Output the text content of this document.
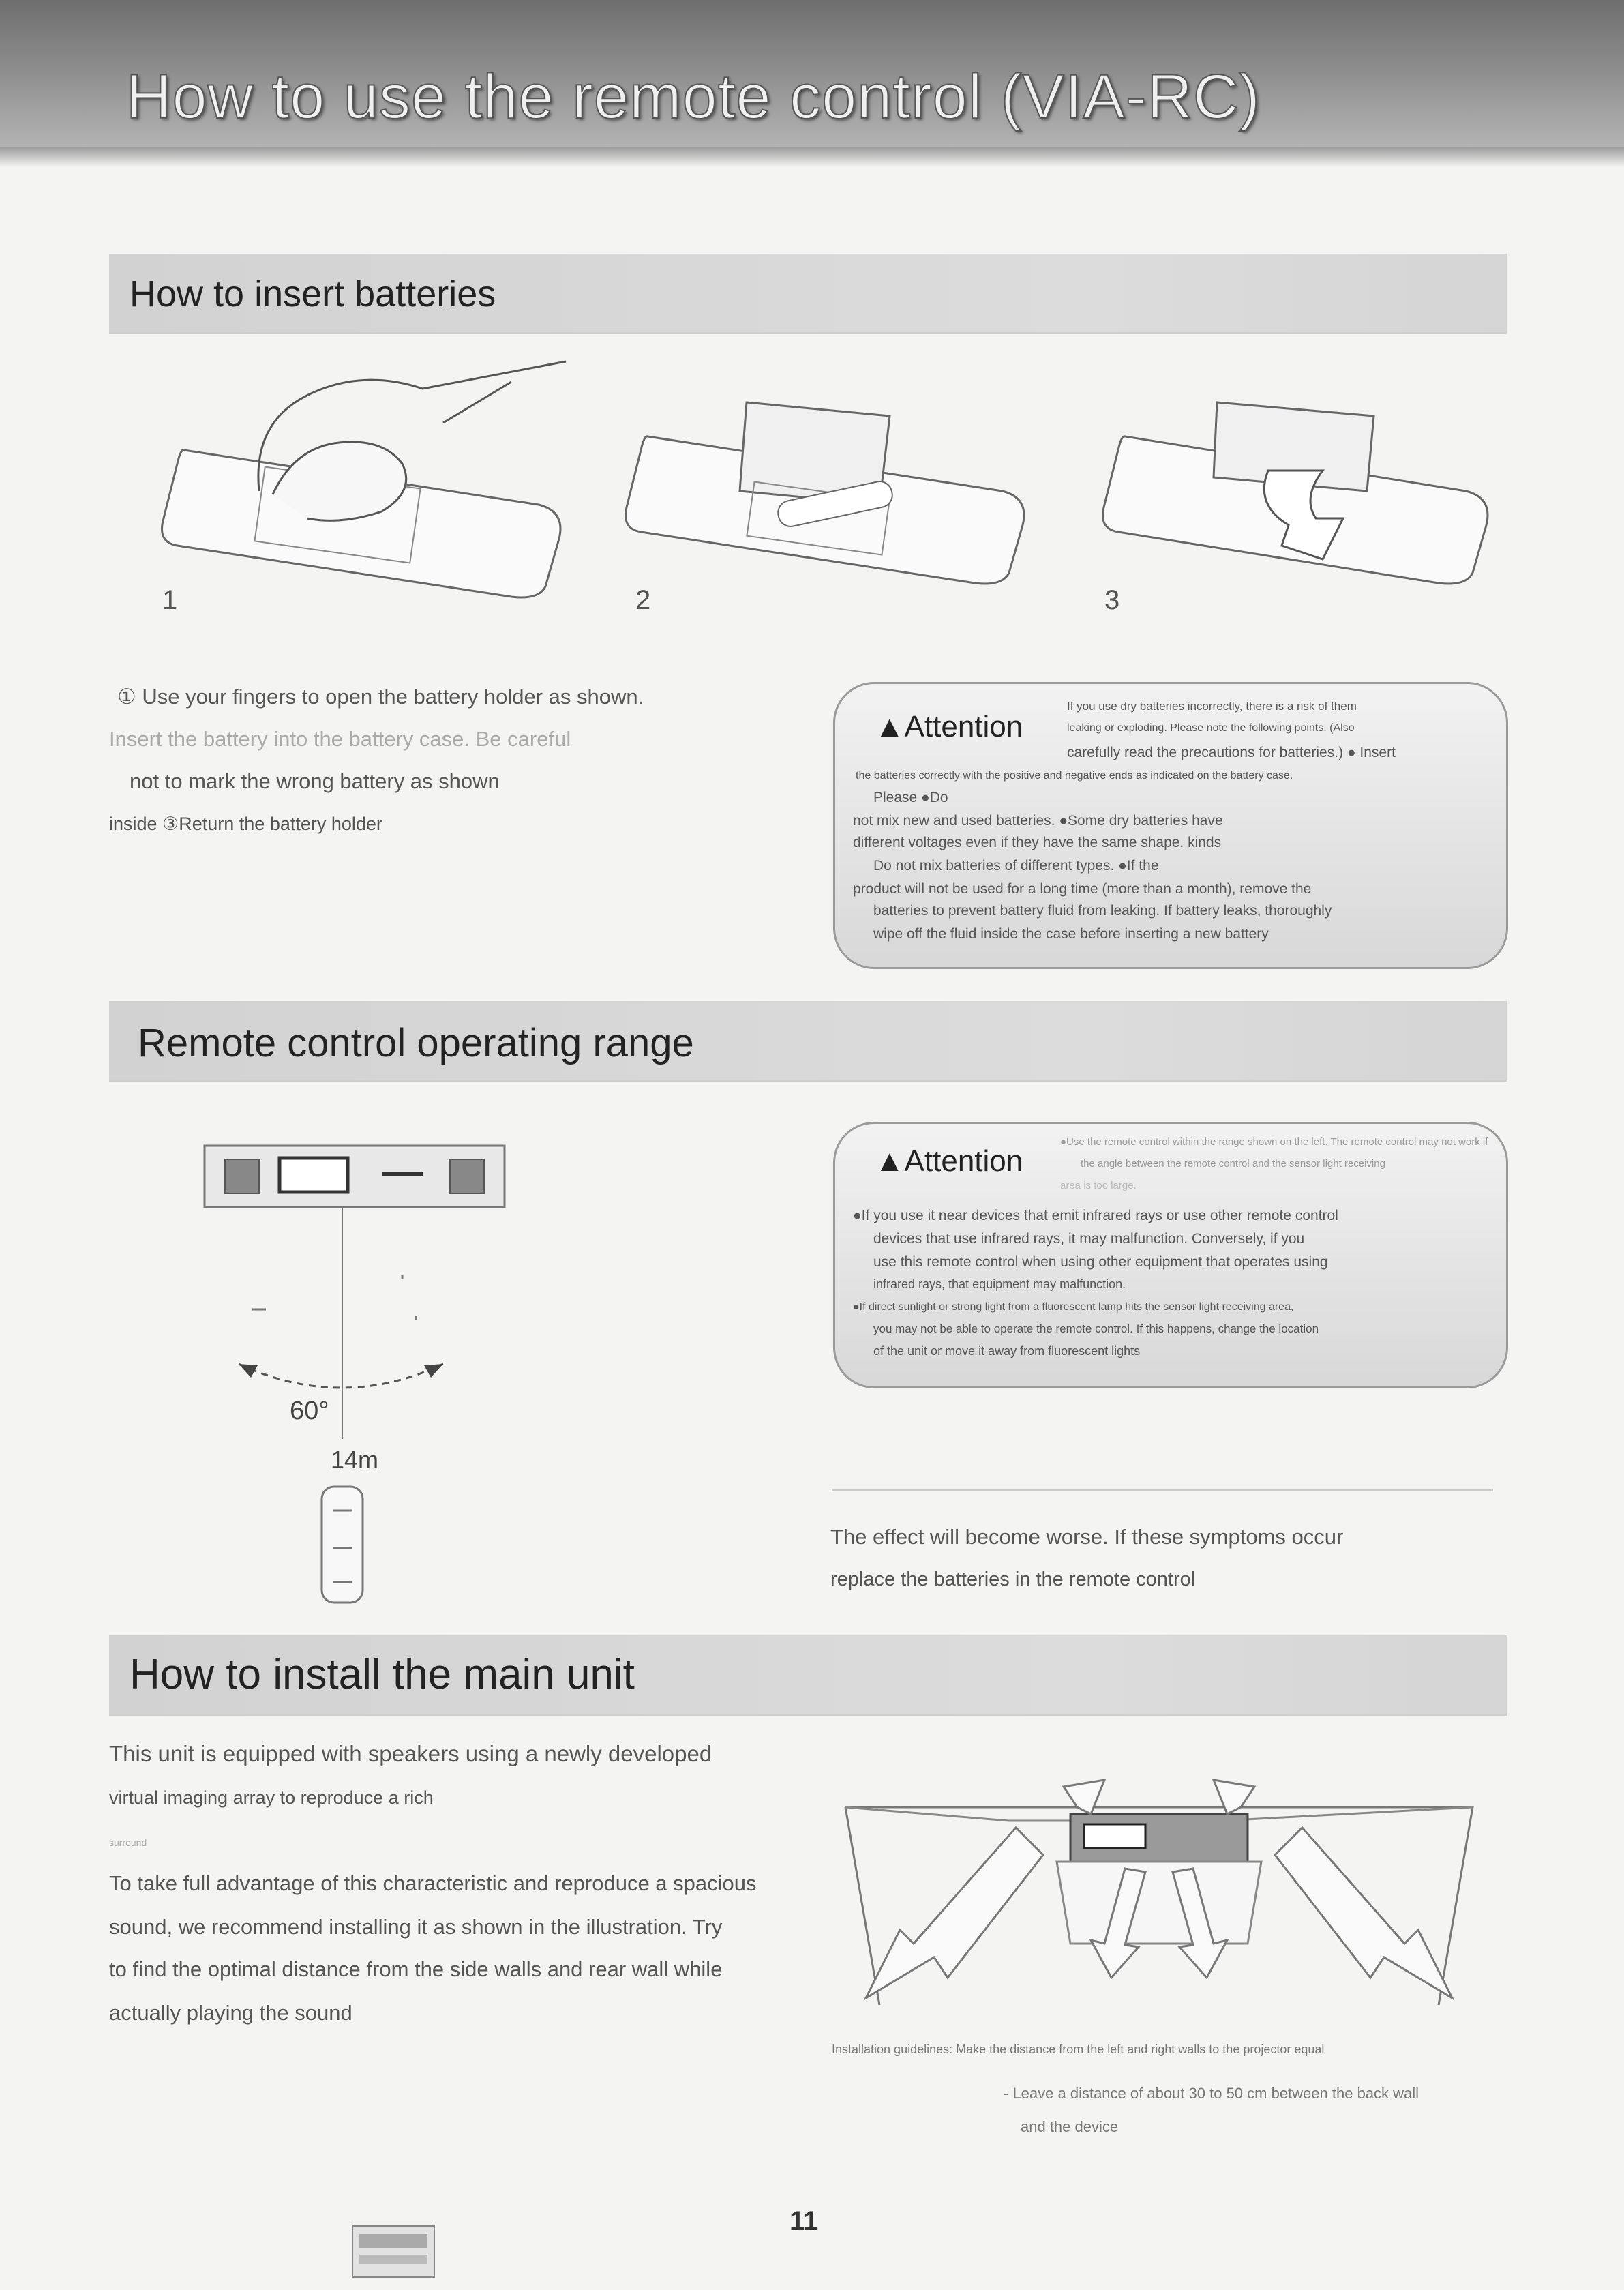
How to use the remote control (VIA-RC)
How to insert batteries
1	2	3
① Use your fingers to open the battery holder as shown.
Insert the battery into the battery case. Be careful
not to mark the wrong battery as shown
inside ③Return the battery holder
▲Attention
If you use dry batteries incorrectly, there is a risk of them
leaking or exploding. Please note the following points. (Also
carefully read the precautions for batteries.) ● Insert
the batteries correctly with the positive and negative ends as indicated on the battery case.
Please ●Do
not mix new and used batteries. ●Some dry batteries have
different voltages even if they have the same shape. kinds
Do not mix batteries of different types. ●If the
product will not be used for a long time (more than a month), remove the
batteries to prevent battery fluid from leaking. If battery leaks, thoroughly
wipe off the fluid inside the case before inserting a new battery
Remote control operating range
60°
14m
▲Attention
●Use the remote control within the range shown on the left. The remote control may not work if
the angle between the remote control and the sensor light receiving
area is too large.
●If you use it near devices that emit infrared rays or use other remote control
devices that use infrared rays, it may malfunction. Conversely, if you
use this remote control when using other equipment that operates using
infrared rays, that equipment may malfunction.
●If direct sunlight or strong light from a fluorescent lamp hits the sensor light receiving area,
you may not be able to operate the remote control. If this happens, change the location
of the unit or move it away from fluorescent lights
The effect will become worse. If these symptoms occur
replace the batteries in the remote control
How to install the main unit
This unit is equipped with speakers using a newly developed
virtual imaging array to reproduce a rich
surround
To take full advantage of this characteristic and reproduce a spacious
sound, we recommend installing it as shown in the illustration. Try
to find the optimal distance from the side walls and rear wall while
actually playing the sound
Installation guidelines: Make the distance from the left and right walls to the projector equal
- Leave a distance of about 30 to 50 cm between the back wall
and the device
11
